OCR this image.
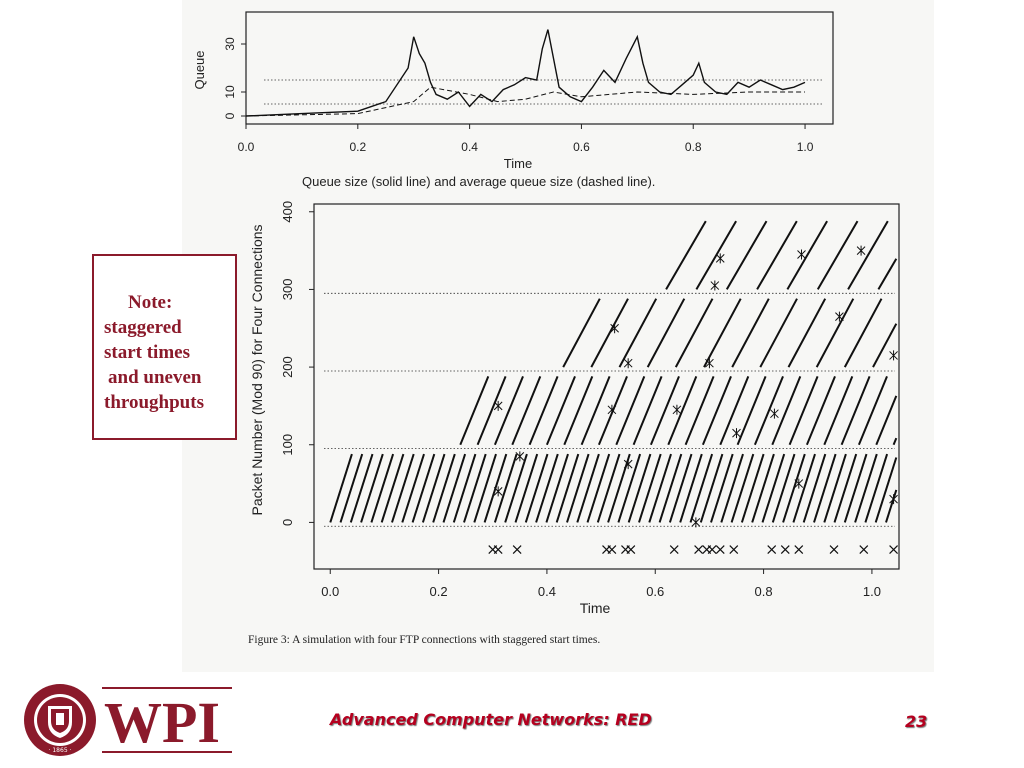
0.0	0.2	0.4	0.6	0.8	1.0
0
10
30
Time
Queue
Queue size (solid line) and average queue size (dashed line).
0.0	0.2	0.4	0.6	0.8	1.0
0
100
200
300
400
Time
Packet Number (Mod 90) for Four Connections
Figure 3: A simulation with four FTP connections with staggered start times.
Note:
staggered
start times
and uneven
throughputs
· 1865 · WPI	Advanced Computer Networks: RED	23
